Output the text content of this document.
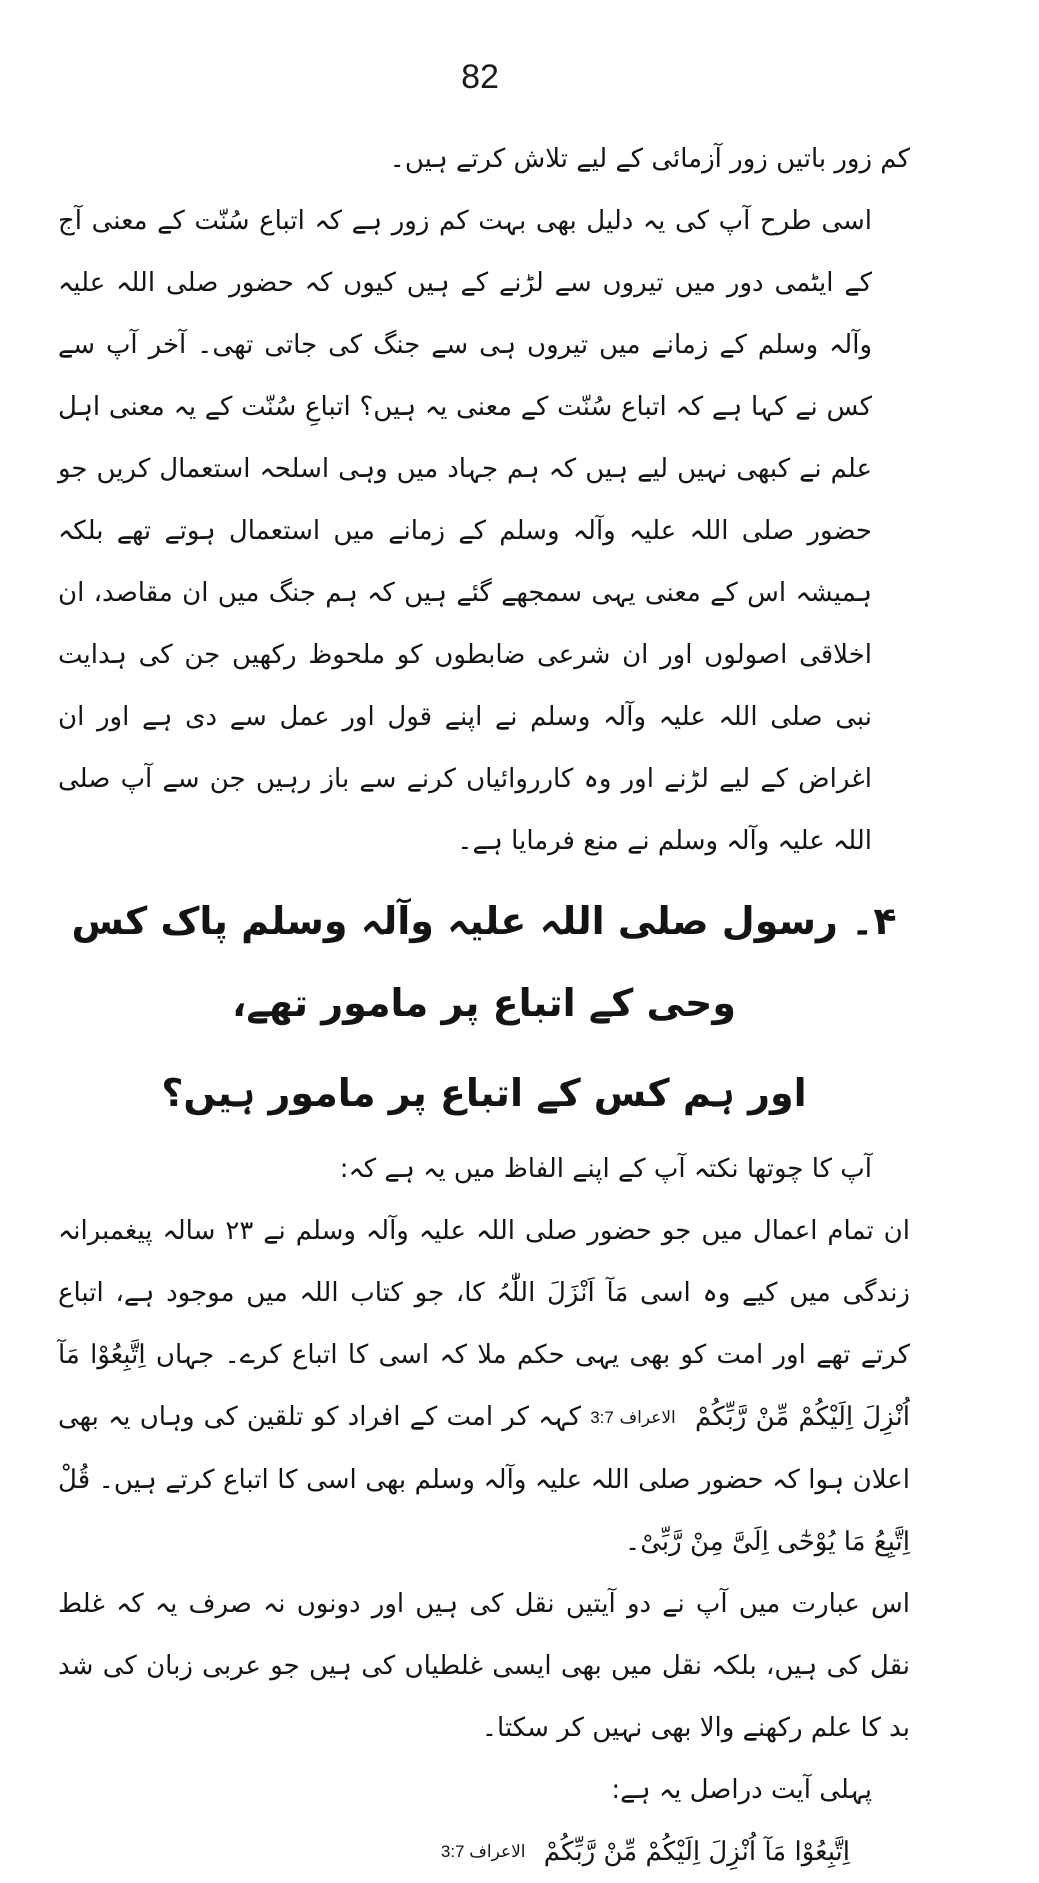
82

کم زور باتیں زور آزمائی کے لیے تلاش کرتے ہیں۔

اسی طرح آپ کی یہ دلیل بھی بہت کم زور ہے کہ اتباع سُنّت کے معنی آج کے ایٹمی دور میں تیروں سے لڑنے کے ہیں کیوں کہ حضور صلی اللہ علیہ وآلہ وسلم کے زمانے میں تیروں ہی سے جنگ کی جاتی تھی۔ آخر آپ سے کس نے کہا ہے کہ اتباع سُنّت کے معنی یہ ہیں؟ اتباعِ سُنّت کے یہ معنی اہل علم نے کبھی نہیں لیے ہیں کہ ہم جہاد میں وہی اسلحہ استعمال کریں جو حضور صلی اللہ علیہ وآلہ وسلم کے زمانے میں استعمال ہوتے تھے بلکہ ہمیشہ اس کے معنی یہی سمجھے گئے ہیں کہ ہم جنگ میں ان مقاصد، ان اخلاقی اصولوں اور ان شرعی ضابطوں کو ملحوظ رکھیں جن کی ہدایت نبی صلی اللہ علیہ وآلہ وسلم نے اپنے قول اور عمل سے دی ہے اور ان اغراض کے لیے لڑنے اور وہ کارروائیاں کرنے سے باز رہیں جن سے آپ صلی اللہ علیہ وآلہ وسلم نے منع فرمایا ہے۔

۴۔ رسول صلی اللہ علیہ وآلہ وسلم پاک کس وحی کے اتباع پر مامور تھے،
اور ہم کس کے اتباع پر مامور ہیں؟

آپ کا چوتھا نکتہ آپ کے اپنے الفاظ میں یہ ہے کہ:

ان تمام اعمال میں جو حضور صلی اللہ علیہ وآلہ وسلم نے ۲۳ سالہ پیغمبرانہ زندگی میں کیے وہ اسی مَآ اَنْزَلَ اللّٰہُ کا، جو کتاب اللہ میں موجود ہے، اتباع کرتے تھے اور امت کو بھی یہی حکم ملا کہ اسی کا اتباع کرے۔ جہاں اِتَّبِعُوْا مَآ اُنْزِلَ اِلَیْکُمْ مِّنْ رَّبِّکُمْ الاعراف 3:7 کہہ کر امت کے افراد کو تلقین کی وہاں یہ بھی اعلان ہوا کہ حضور صلی اللہ علیہ وآلہ وسلم بھی اسی کا اتباع کرتے ہیں۔ قُلْ اِتَّبِعُ مَا یُوْحٰٓی اِلَیَّ مِنْ رَّبِّیْ۔

اس عبارت میں آپ نے دو آیتیں نقل کی ہیں اور دونوں نہ صرف یہ کہ غلط نقل کی ہیں، بلکہ نقل میں بھی ایسی غلطیاں کی ہیں جو عربی زبان کی شد بد کا علم رکھنے والا بھی نہیں کر سکتا۔

پہلی آیت دراصل یہ ہے:

اِتَّبِعُوْا مَآ اُنْزِلَ اِلَیْکُمْ مِّنْ رَّبِّکُمْ الاعراف 3:7
